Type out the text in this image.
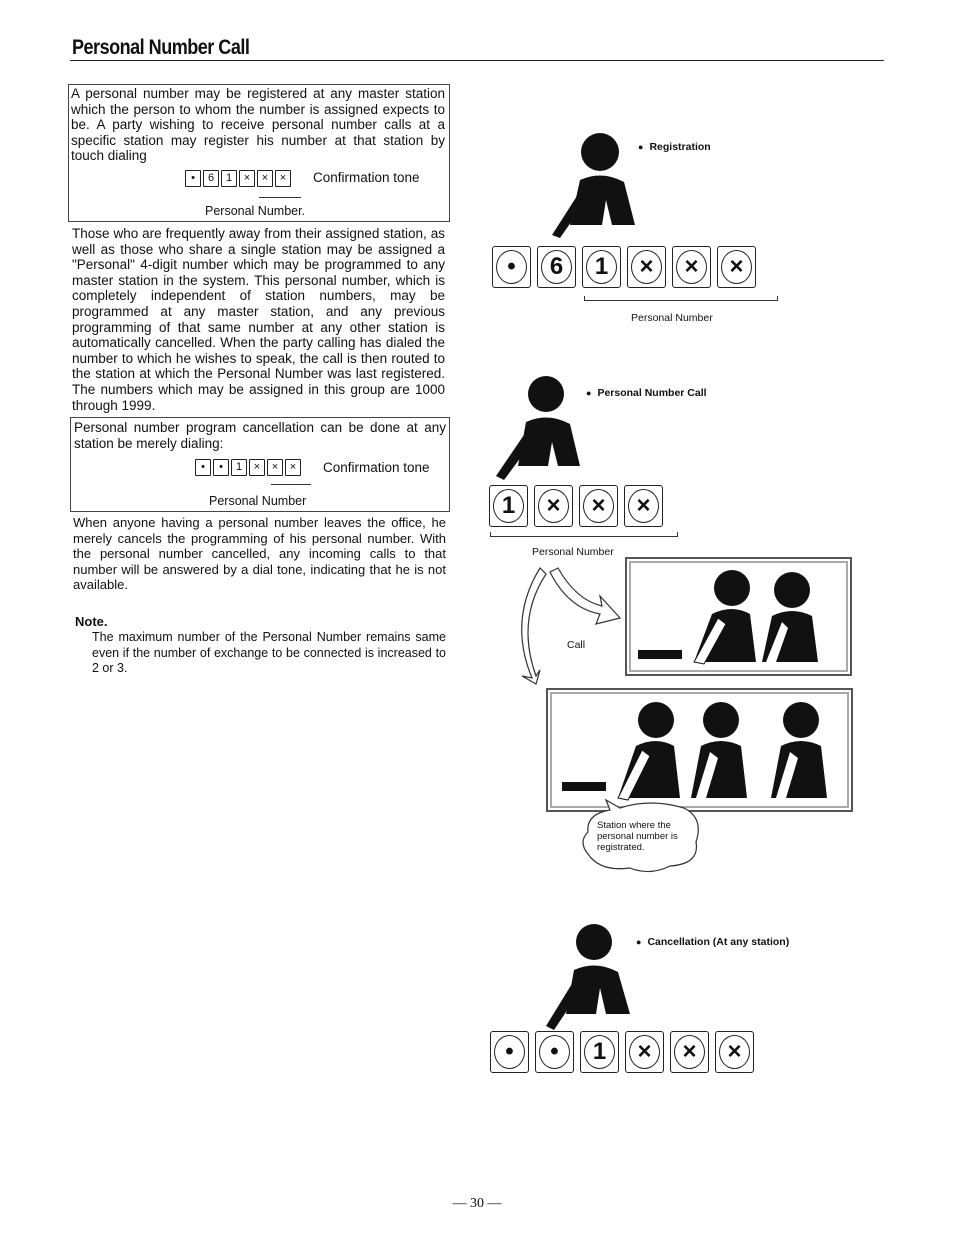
Personal Number Call
A personal number may be registered at any master station which the person to whom the number is assigned expects to be. A party wishing to receive personal number calls at a specific station may register his number at that station by touch dialing
• 6 1 × × ×	Confirmation tone
Personal Number.
Those who are frequently away from their assigned station, as well as those who share a single station may be assigned a "Personal" 4-digit number which may be programmed to any master station in the system. This personal number, which is completely independent of station numbers, may be programmed at any master station, and any previous programming of that same number at any other station is automatically cancelled. When the party calling has dialed the number to which he wishes to speak, the call is then routed to the station at which the Personal Number was last registered. The numbers which may be assigned in this group are 1000 through 1999.
Personal number program cancellation can be done at any station be merely dialing:
• • 1 × × ×	Confirmation tone
Personal Number
When anyone having a personal number leaves the office, he merely cancels the programming of his personal number. With the personal number cancelled, any incoming calls to that number will be answered by a dial tone, indicating that he is not available.
Note.
The maximum number of the Personal Number remains same even if the number of exchange to be connected is increased to 2 or 3.
● Registration
•	6	1	×	×	×
Personal Number
● Personal Number Call
1	×	×	×
Personal Number
Call
Station where the personal number is registrated.
● Cancellation (At any station)
•	•	1	×	×	×
— 30 —
